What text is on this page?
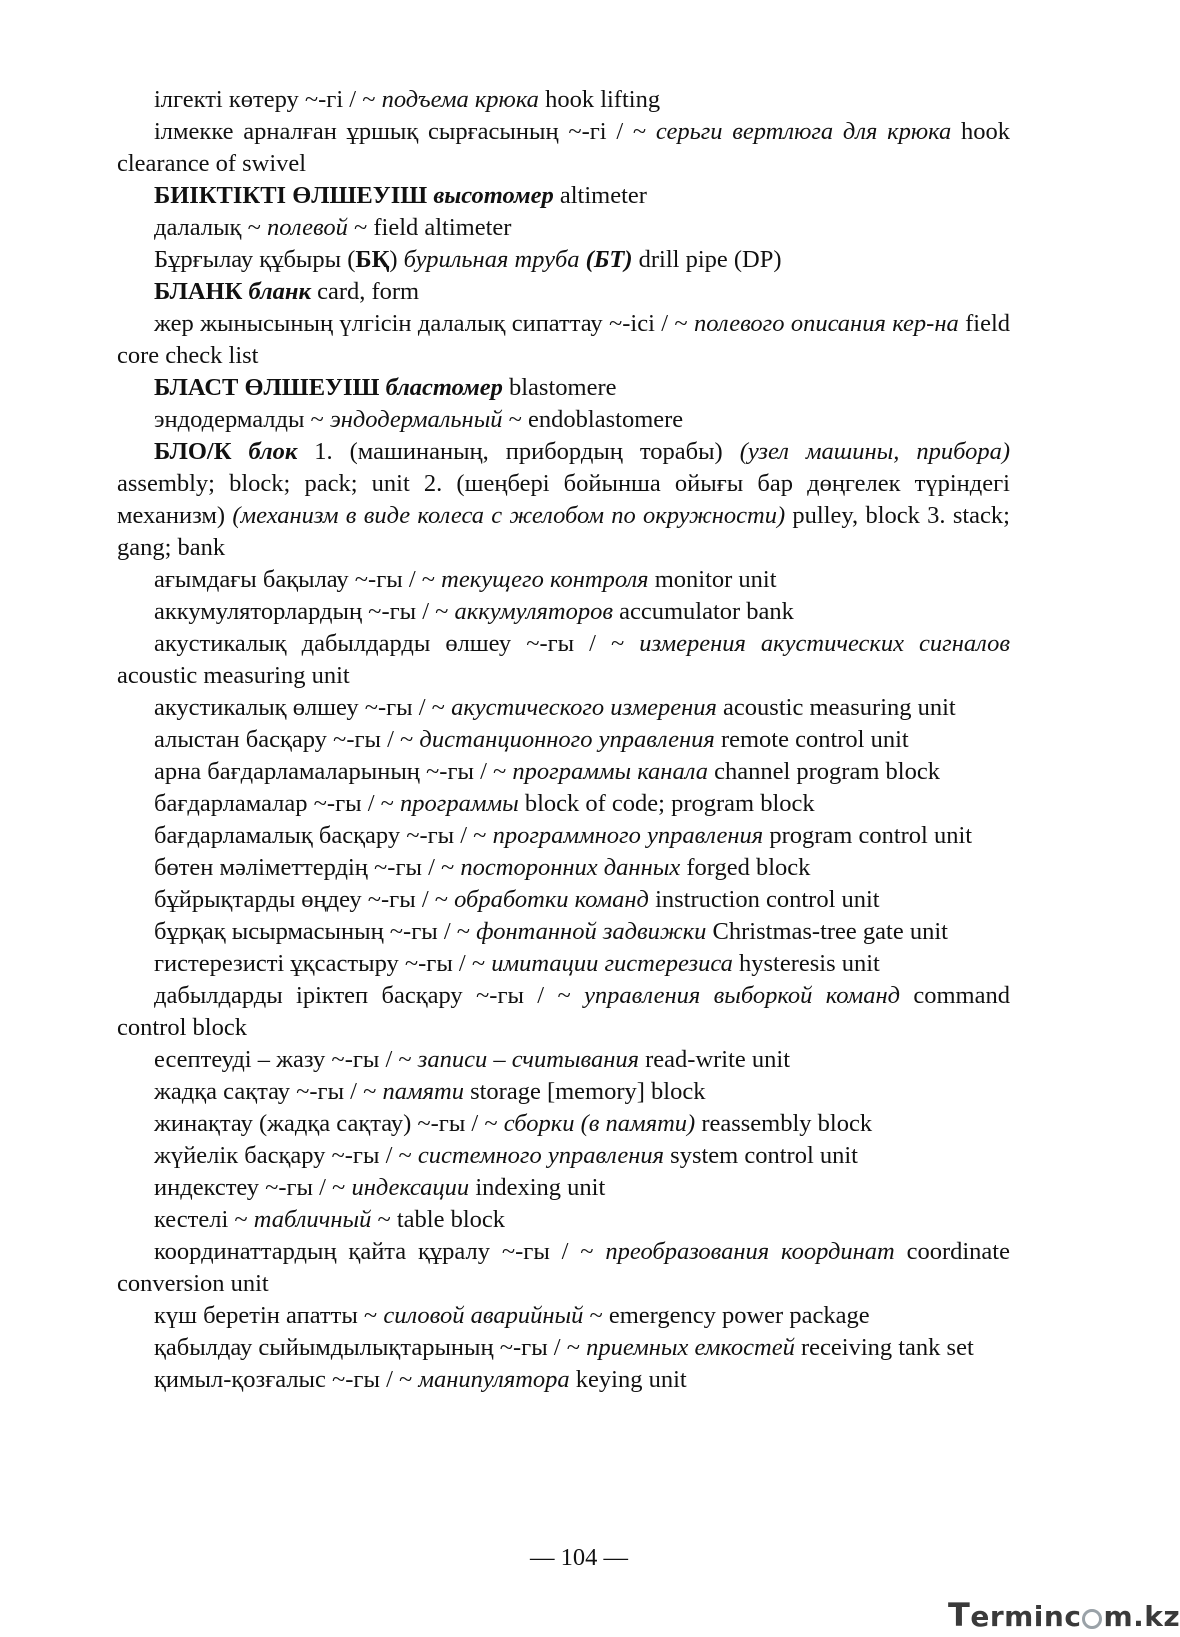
ілгекті көтеру ~-гі / ~ подъема крюка hook lifting

ілмекке арналған ұршық сырғасының ~-гі / ~ серьги вертлюга для крюка hook clearance of swivel

БИІКТІКТІ ӨЛШЕУІШ высотомер altimeter

далалық ~ полевой ~ field altimeter

Бұрғылау құбыры (БҚ) бурильная труба (БТ) drill pipe (DP)

БЛАНК бланк card, form

жер жынысының үлгісін далалық сипаттау ~-ісі / ~ полевого описания кер-на field core check list

БЛАСТ ӨЛШЕУІШ бластомер blastomere

эндодермалды ~ эндодермальный ~ endoblastomere

БЛО/К блок 1. (машинаның, прибордың торабы) (узел машины, прибора) assembly; block; pack; unit 2. (шеңбері бойынша ойығы бар дөңгелек түріндегі механизм) (механизм в виде колеса с желобом по окружности) pulley, block 3. stack; gang; bank

ағымдағы бақылау ~-гы / ~ текущего контроля monitor unit

аккумуляторлардың ~-гы / ~ аккумуляторов accumulator bank

акустикалық дабылдарды өлшеу ~-гы / ~ измерения акустических сигналов acoustic measuring unit

акустикалық өлшеу ~-гы / ~ акустического измерения acoustic measuring unit

алыстан басқару ~-гы / ~ дистанционного управления remote control unit

арна бағдарламаларының ~-гы / ~ программы канала channel program block

бағдарламалар ~-гы / ~ программы block of code; program block

бағдарламалық басқару ~-гы / ~ программного управления program control unit

бөтен мәліметтердің ~-гы / ~ посторонних данных forged block

бұйрықтарды өңдеу ~-гы / ~ обработки команд instruction control unit

бұрқақ ысырмасының ~-гы / ~ фонтанной задвижки Christmas-tree gate unit

гистерезисті ұқсастыру ~-гы / ~ имитации гистерезиса hysteresis unit

дабылдарды іріктеп басқару ~-гы / ~ управления выборкой команд command control block

есептеуді – жазу ~-гы / ~ записи – считывания read-write unit

жадқа сақтау ~-гы / ~ памяти storage [memory] block

жинақтау (жадқа сақтау) ~-гы / ~ сборки (в памяти) reassembly block

жүйелік басқару ~-гы / ~ системного управления system control unit

индекстеу ~-гы / ~ индексации indexing unit

кестелі ~ табличный ~ table block

координаттардың қайта құралу ~-гы / ~ преобразования координат coordinate conversion unit

күш беретін апатты ~ силовой аварийный ~ emergency power package

қабылдау сыйымдылықтарының ~-гы / ~ приемных емкостей receiving tank set

қимыл-қозғалыс ~-гы / ~ манипулятора keying unit

— 104 —
Terminc m.kz
